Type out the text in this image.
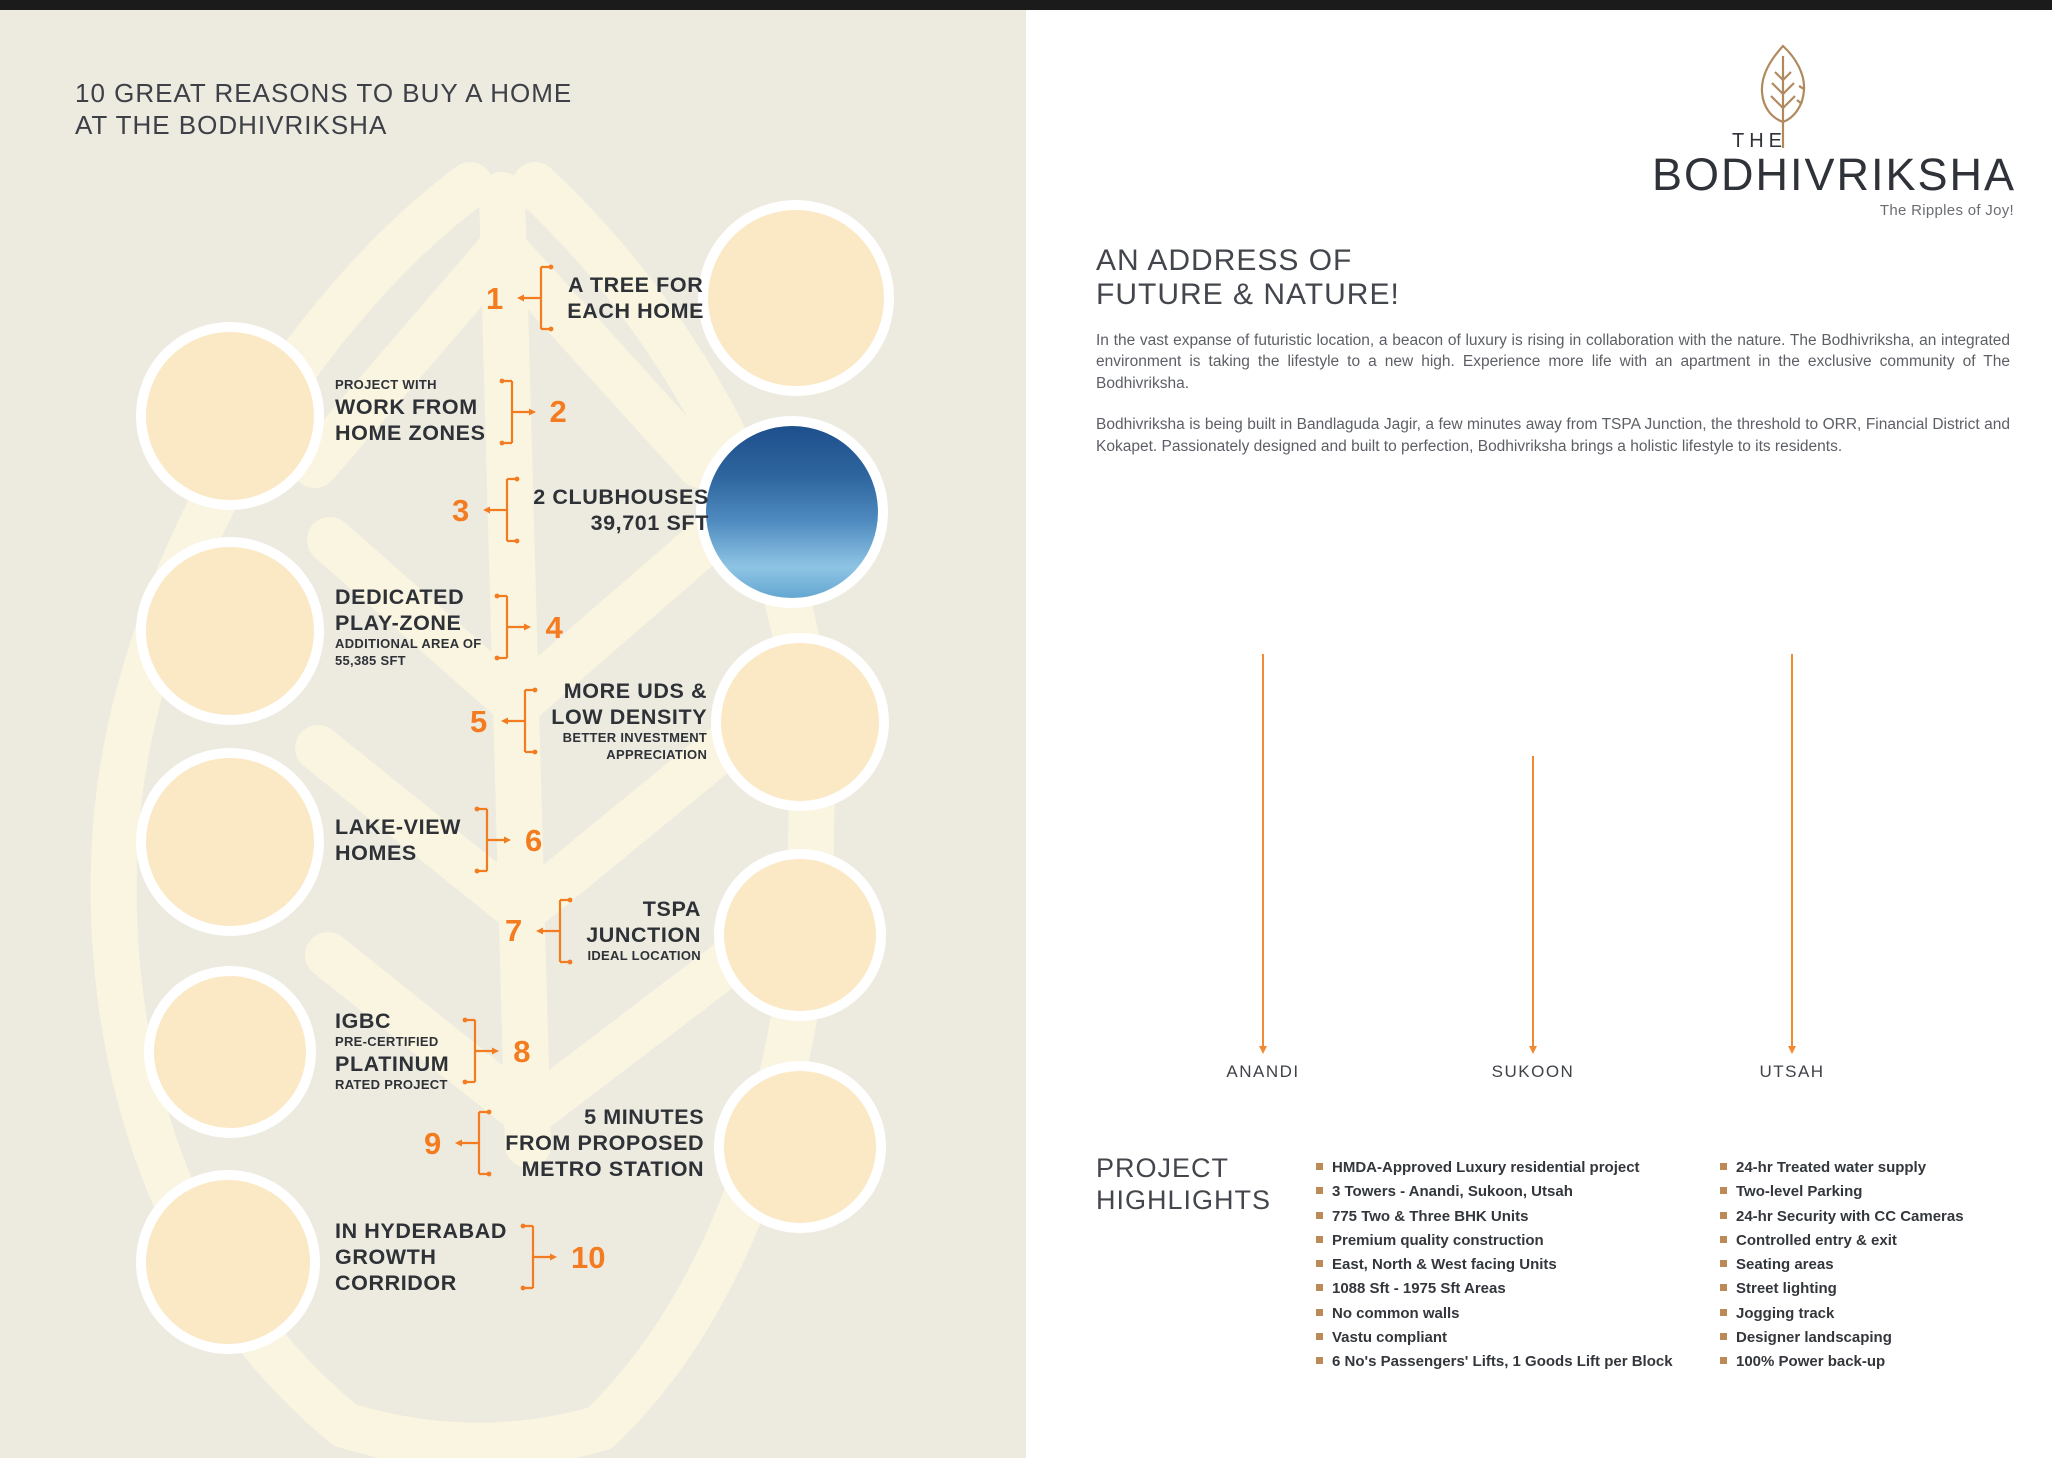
10 GREAT REASONS TO BUY A HOME
AT THE BODHIVRIKSHA
1	A TREE FOR
EACH HOME
PROJECT WITH
WORK FROM
HOME ZONES
2
3	2 CLUBHOUSES
39,701 SFT
DEDICATED
PLAY-ZONE
ADDITIONAL AREA OF
55,385 SFT
4
5
MORE UDS &
LOW DENSITY
BETTER INVESTMENT
APPRECIATION
LAKE-VIEW
HOMES	6
7
TSPA
JUNCTION
IDEAL LOCATION
IGBC
PRE-CERTIFIED
PLATINUM
RATED PROJECT
8
9
5 MINUTES
FROM PROPOSED
METRO STATION
IN HYDERABAD
GROWTH
CORRIDOR
10
THE
BODHIVRIKSHA
The Ripples of Joy!
AN ADDRESS OF
FUTURE & NATURE!

In the vast expanse of futuristic location, a beacon of luxury is rising in collaboration with the nature. The Bodhivriksha, an integrated environment is taking the lifestyle to a new high. Experience more life with an apartment in the exclusive community of The Bodhivriksha.

Bodhivriksha is being built in Bandlaguda Jagir, a few minutes away from TSPA Junction, the threshold to ORR, Financial District and Kokapet. Passionately designed and built to perfection, Bodhivriksha brings a holistic lifestyle to its residents.

ANANDI	SUKOON	UTSAH
PROJECT
HIGHLIGHTS
HMDA-Approved Luxury residential project
3 Towers - Anandi, Sukoon, Utsah
775 Two & Three BHK Units
Premium quality construction
East, North & West facing Units
1088 Sft - 1975 Sft Areas
No common walls
Vastu compliant
6 No's Passengers' Lifts, 1 Goods Lift per Block
24-hr Treated water supply
Two-level Parking
24-hr Security with CC Cameras
Controlled entry & exit
Seating areas
Street lighting
Jogging track
Designer landscaping
100% Power back-up
